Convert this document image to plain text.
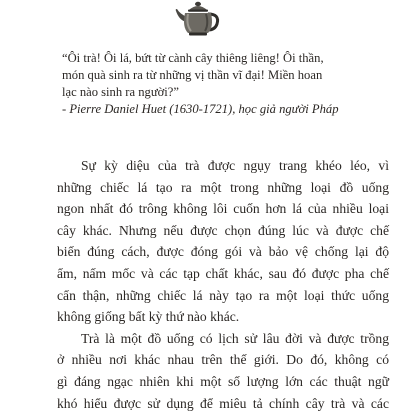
“Ôi trà! Ôi lá, bứt từ cành cây thiêng liêng! Ôi thần,
món quà sinh ra từ những vị thần vĩ đại! Miền hoan
lạc nào sinh ra người?”
- Pierre Daniel Huet (1630-1721), học giả người Pháp
Sự kỳ diệu của trà được ngụy trang khéo léo, vì
những chiếc lá tạo ra một trong những loại đồ uống
ngon nhất đó trông không lôi cuốn hơn lá của nhiều loại
cây khác. Nhưng nếu được chọn đúng lúc và được chế
biến đúng cách, được đóng gói và bảo vệ chống lại độ
ẩm, nấm mốc và các tạp chất khác, sau đó được pha chế
cẩn thận, những chiếc lá này tạo ra một loại thức uống
không giống bất kỳ thứ nào khác.
Trà là một đồ uống có lịch sử lâu đời và được trồng
ở nhiều nơi khác nhau trên thế giới. Do đó, không có
gì đáng ngạc nhiên khi một số lượng lớn các thuật ngữ
khó hiểu được sử dụng để miêu tả chính cây trà và các
